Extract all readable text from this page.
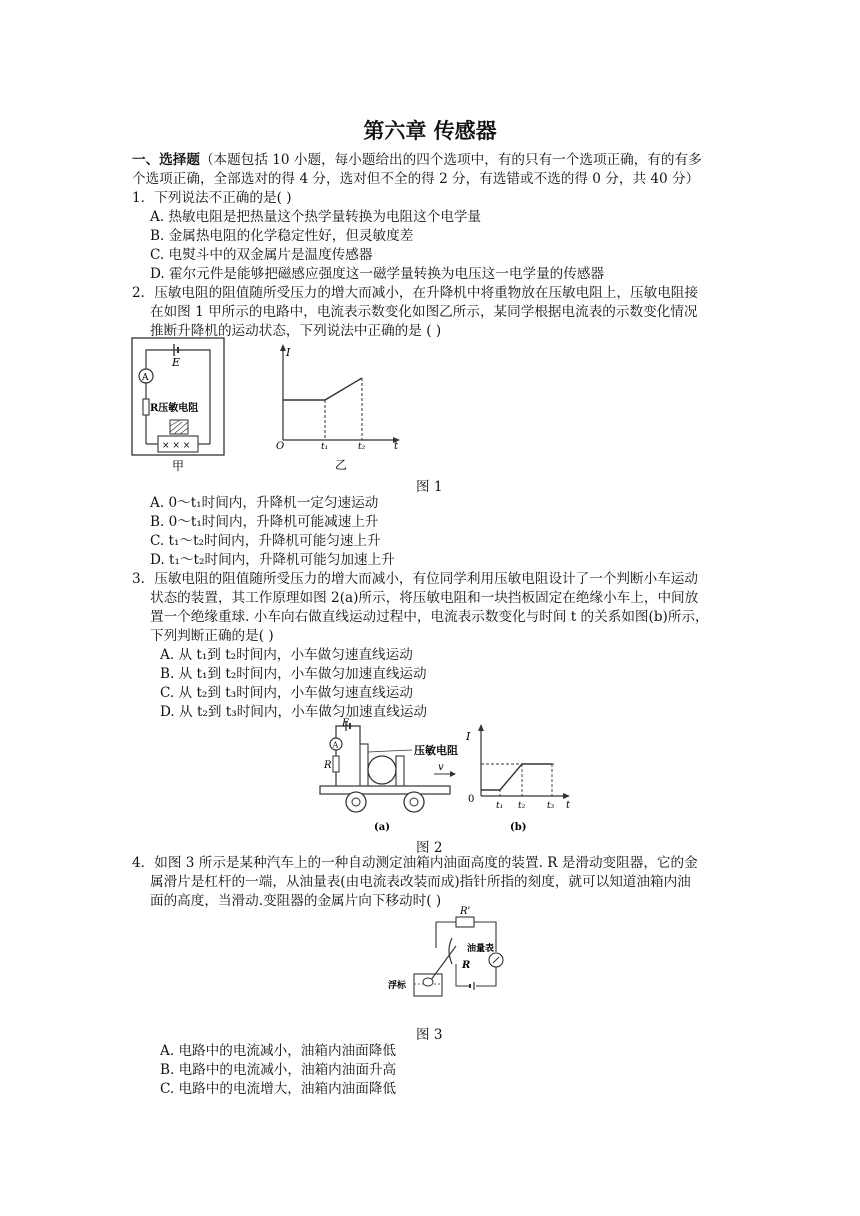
第六章 传感器
一、选择题（本题包括 10 小题，每小题给出的四个选项中，有的只有一个选项正确，有的有多
个选项正确，全部选对的得 4 分，选对但不全的得 2 分，有选错或不选的得 0 分，共 40 分）
1．下列说法不正确的是( )
A. 热敏电阻是把热量这个热学量转换为电阻这个电学量
B. 金属热电阻的化学稳定性好，但灵敏度差
C. 电熨斗中的双金属片是温度传感器
D. 霍尔元件是能够把磁感应强度这一磁学量转换为电压这一电学量的传感器
2．压敏电阻的阻值随所受压力的增大而减小，在升降机中将重物放在压敏电阻上，压敏电阻接
在如图 1 甲所示的电路中，电流表示数变化如图乙所示，某同学根据电流表的示数变化情况
推断升降机的运动状态，下列说法中正确的是 ( )
E
A
R压敏电阻
× × ×
甲
I
O	t
t₁	t₂
乙
图 1
A. 0～t₁时间内，升降机一定匀速运动
B. 0～t₁时间内，升降机可能减速上升
C. t₁～t₂时间内，升降机可能匀速上升
D. t₁～t₂时间内，升降机可能匀加速上升
3．压敏电阻的阻值随所受压力的增大而减小，有位同学利用压敏电阻设计了一个判断小车运动
状态的装置，其工作原理如图 2(a)所示，将压敏电阻和一块挡板固定在绝缘小车上，中间放
置一个绝缘重球. 小车向右做直线运动过程中，电流表示数变化与时间 t 的关系如图(b)所示，
下列判断正确的是( )
A. 从 t₁到 t₂时间内，小车做匀速直线运动
B. 从 t₁到 t₂时间内，小车做匀加速直线运动
C. 从 t₂到 t₃时间内，小车做匀速直线运动
D. 从 t₂到 t₃时间内，小车做匀加速直线运动
E
A
R
压敏电阻
v
(a)
I
0
t
t₁ t₂ t₃
(b)
图 2
4．如图 3 所示是某种汽车上的一种自动测定油箱内油面高度的装置. R 是滑动变阻器，它的金
属滑片是杠杆的一端，从油量表(由电流表改装而成)指针所指的刻度，就可以知道油箱内油
面的高度，当滑动.变阻器的金属片向下移动时( )
R'
油量表
R
浮标
图 3
A. 电路中的电流减小，油箱内油面降低
B. 电路中的电流减小，油箱内油面升高
C. 电路中的电流增大，油箱内油面降低
